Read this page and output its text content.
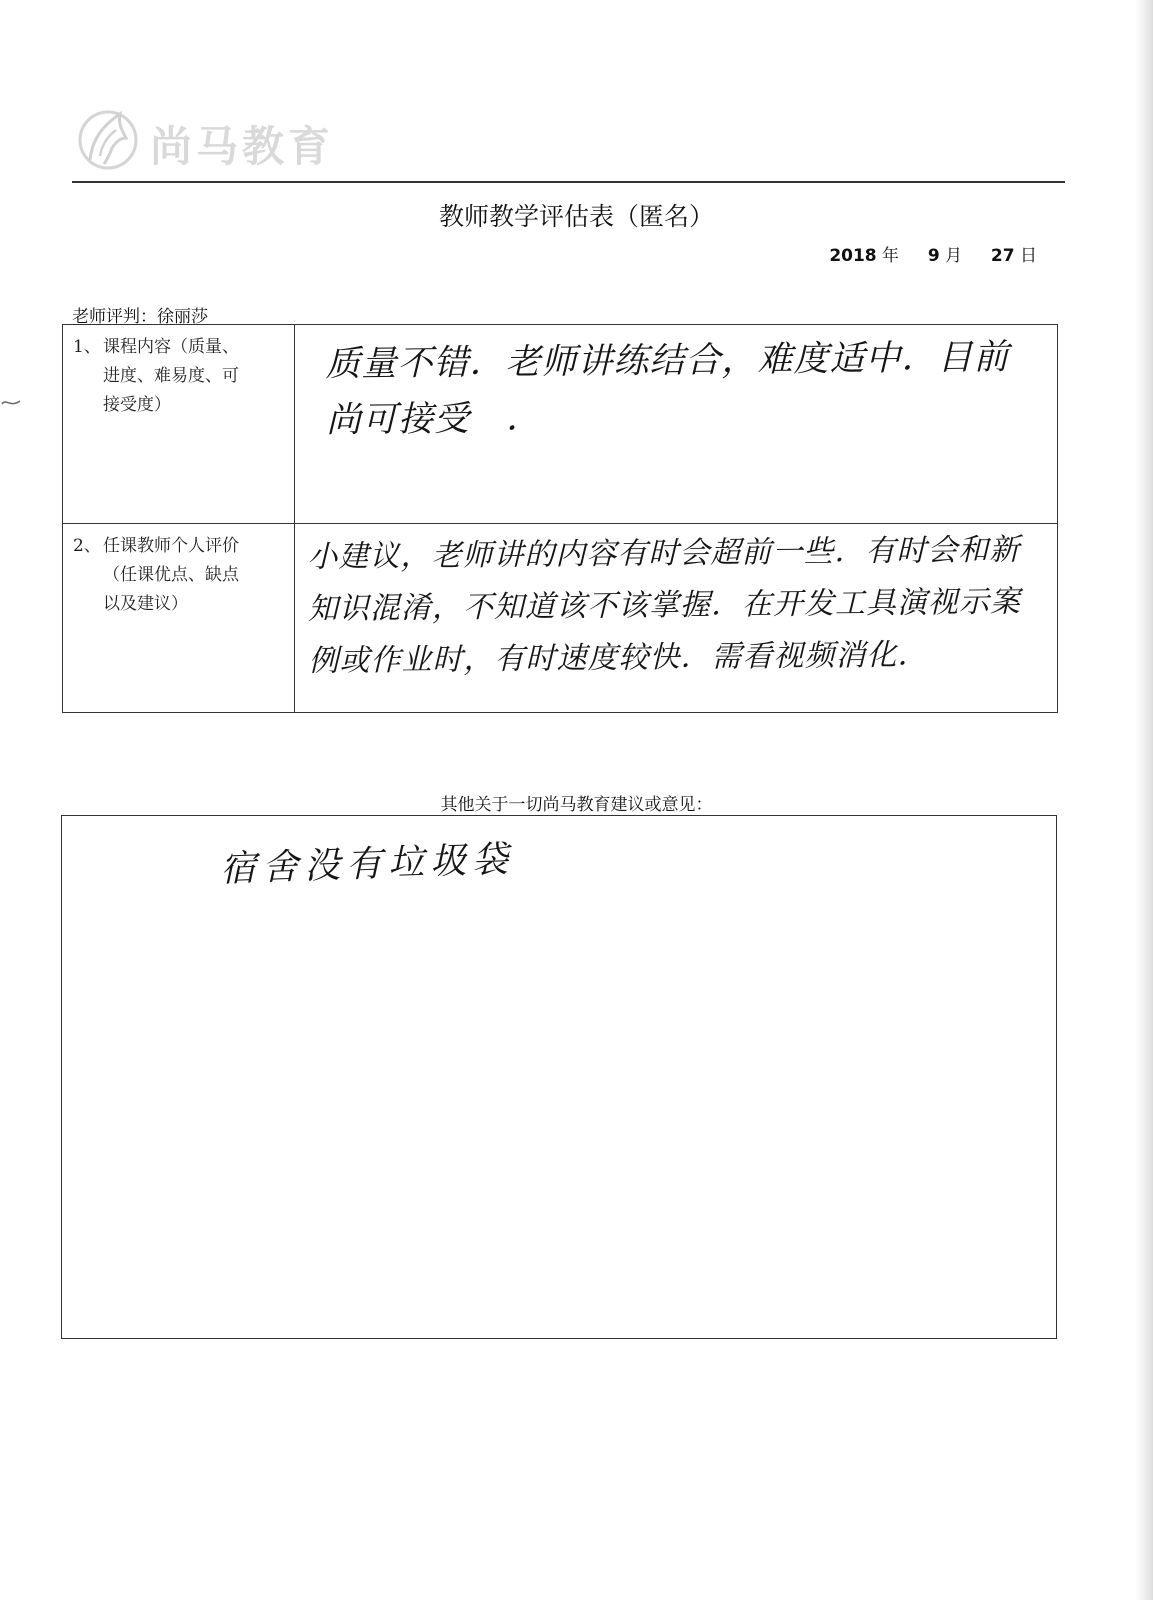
尚马教育
教师教学评估表（匿名）
2018 年 9 月 27 日
老师评判：徐丽莎
1、 课程内容（质量、
进度、难易度、可
接受度）	质量不错．老师讲练结合，难度适中．目前尚可接受　．

2、 任课教师个人评价
（任课优点、缺点
以及建议）	小建议，老师讲的内容有时会超前一些．有时会和新知识混淆，不知道该不该掌握．在开发工具演视示案例或作业时，有时速度较快．需看视频消化．
其他关于一切尚马教育建议或意见：
宿舍没有垃圾袋
